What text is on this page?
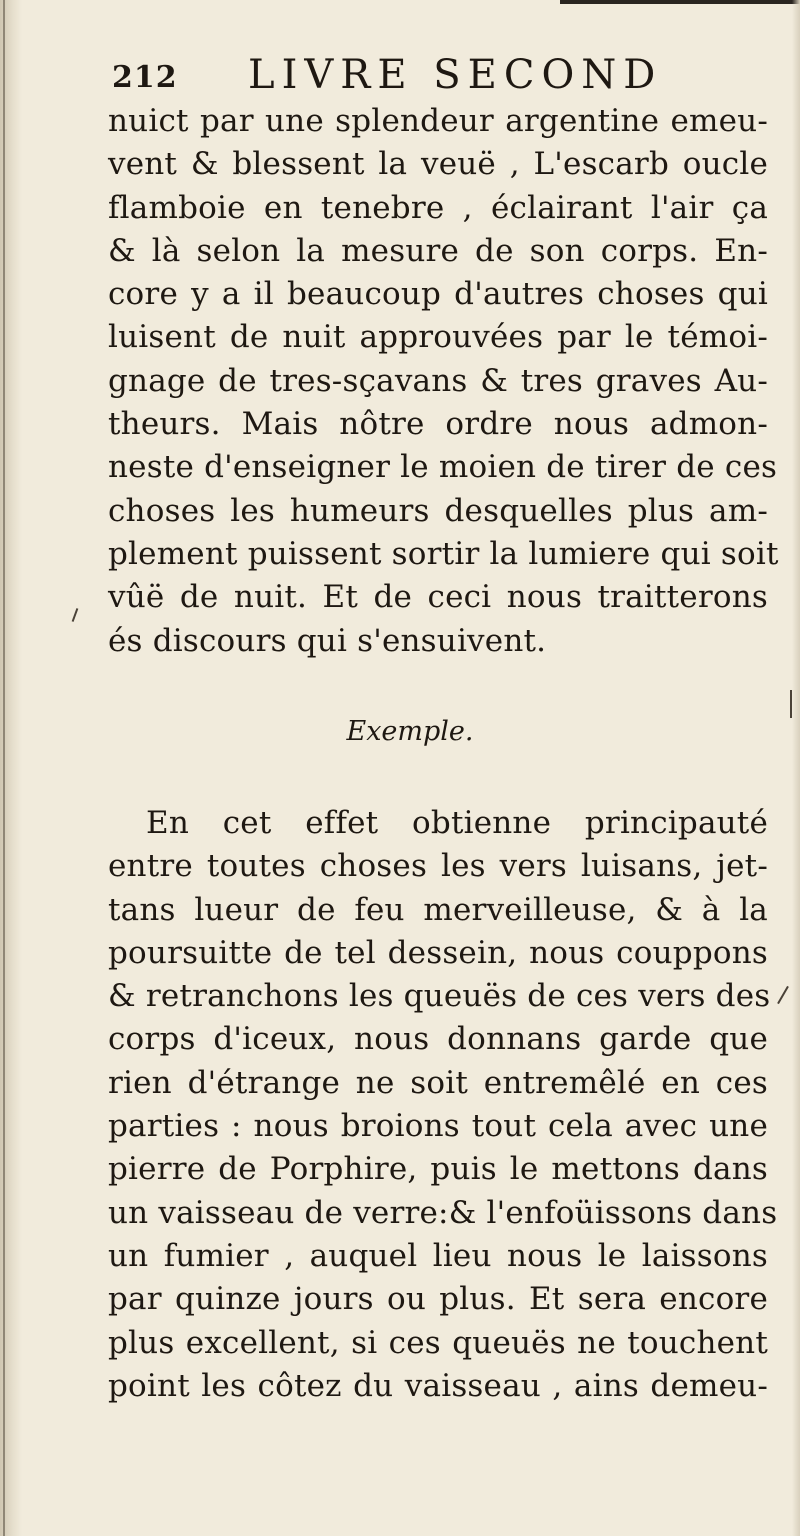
212 LIVRE SECOND
nuict par une splendeur argentine emeu-
vent & blessent la veuë , L'escarb oucle
flamboie en tenebre , éclairant l'air ça
& là selon la mesure de son corps. En-
core y a il beaucoup d'autres choses qui
luisent de nuit approuvées par le témoi-
gnage de tres-sçavans & tres graves Au-
theurs. Mais nôtre ordre nous admon-
neste d'enseigner le moien de tirer de ces
choses les humeurs desquelles plus am-
plement puissent sortir la lumiere qui soit
vûë de nuit. Et de ceci nous traitterons
és discours qui s'ensuivent.
Exemple.
En cet effet obtienne principauté
entre toutes choses les vers luisans, jet-
tans lueur de feu merveilleuse, & à la
poursuitte de tel dessein, nous couppons
& retranchons les queuës de ces vers des
corps d'iceux, nous donnans garde que
rien d'étrange ne soit entremêlé en ces
parties : nous broions tout cela avec une
pierre de Porphire, puis le mettons dans
un vaisseau de verre:& l'enfoüissons dans
un fumier , auquel lieu nous le laissons
par quinze jours ou plus. Et sera encore
plus excellent, si ces queuës ne touchent
point les côtez du vaisseau , ains demeu-
